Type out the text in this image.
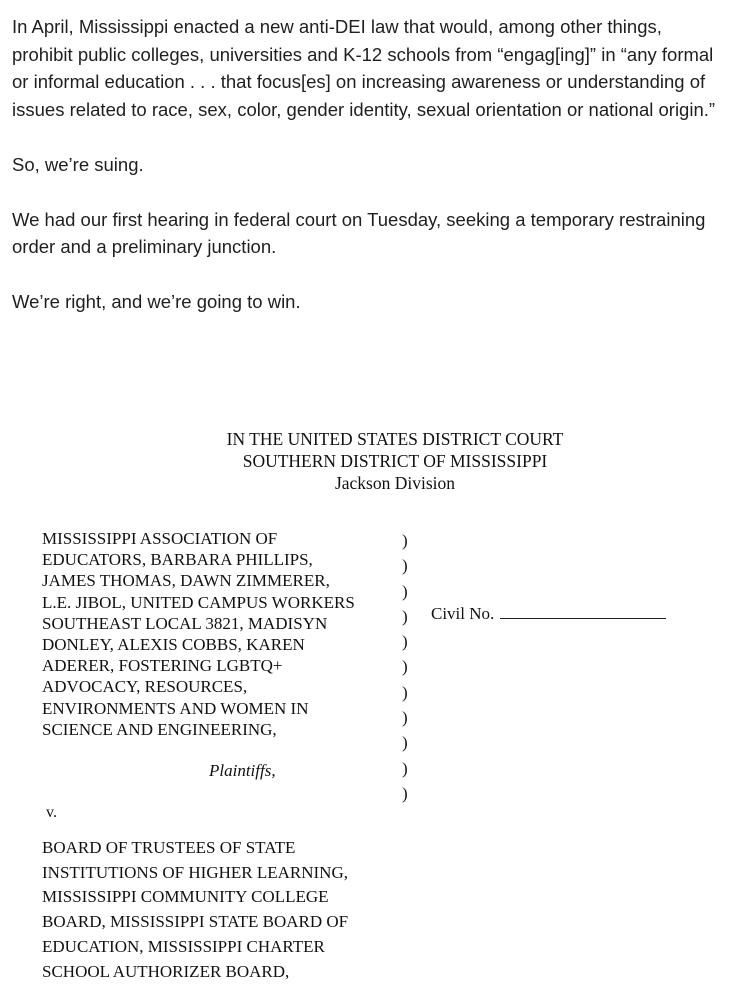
In April, Mississippi enacted a new anti-DEI law that would, among other things, prohibit public colleges, universities and K-12 schools from “engag[ing]” in “any formal or informal education . . . that focus[es] on increasing awareness or understanding of issues related to race, sex, color, gender identity, sexual orientation or national origin.”

So, we’re suing.

We had our first hearing in federal court on Tuesday, seeking a temporary restraining order and a preliminary junction.

We’re right, and we’re going to win.

IN THE UNITED STATES DISTRICT COURT
SOUTHERN DISTRICT OF MISSISSIPPI
Jackson Division
MISSISSIPPI ASSOCIATION OF
EDUCATORS, BARBARA PHILLIPS,
JAMES THOMAS, DAWN ZIMMERER,
L.E. JIBOL, UNITED CAMPUS WORKERS
SOUTHEAST LOCAL 3821, MADISYN
DONLEY, ALEXIS COBBS, KAREN
ADERER, FOSTERING LGBTQ+
ADVOCACY, RESOURCES,
ENVIRONMENTS AND WOMEN IN
SCIENCE AND ENGINEERING,
)
)
)
)
)
)
)
)
)
)
)
Civil No.
Plaintiffs,
v.
BOARD OF TRUSTEES OF STATE
INSTITUTIONS OF HIGHER LEARNING,
MISSISSIPPI COMMUNITY COLLEGE
BOARD, MISSISSIPPI STATE BOARD OF
EDUCATION, MISSISSIPPI CHARTER
SCHOOL AUTHORIZER BOARD,
